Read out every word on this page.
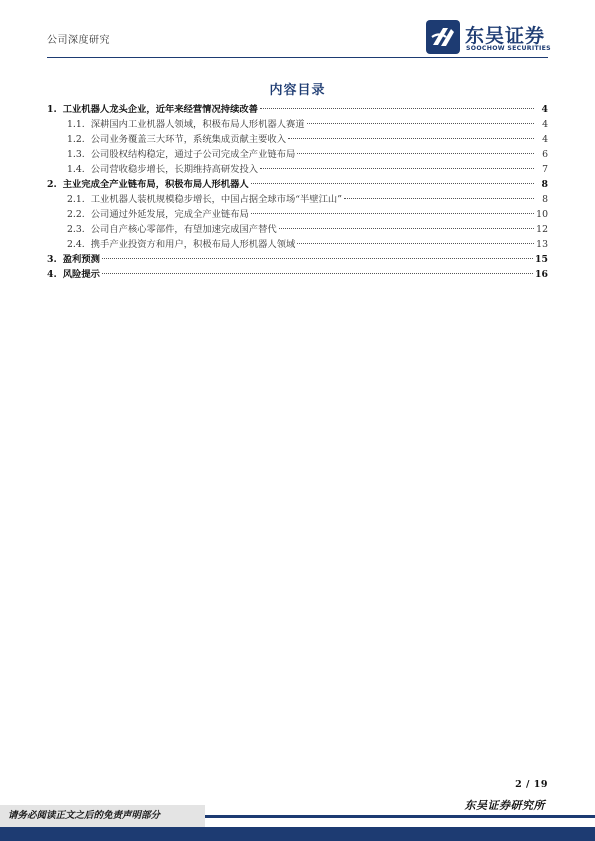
公司深度研究	东吴证券
SOOCHOW SECURITIES
内容目录
1. 工业机器人龙头企业，近年来经营情况持续改善	4
1.1. 深耕国内工业机器人领域，积极布局人形机器人赛道	4
1.2. 公司业务覆盖三大环节，系统集成贡献主要收入	4
1.3. 公司股权结构稳定，通过子公司完成全产业链布局	6
1.4. 公司营收稳步增长，长期维持高研发投入	7
2. 主业完成全产业链布局，积极布局人形机器人	8
2.1. 工业机器人装机规模稳步增长，中国占据全球市场“半壁江山”	8
2.2. 公司通过外延发展，完成全产业链布局	10
2.3. 公司自产核心零部件，有望加速完成国产替代	12
2.4. 携手产业投资方和用户，积极布局人形机器人领域	13
3. 盈利预测	15
4. 风险提示	16
2 / 19
东吴证券研究所
请务必阅读正文之后的免责声明部分
